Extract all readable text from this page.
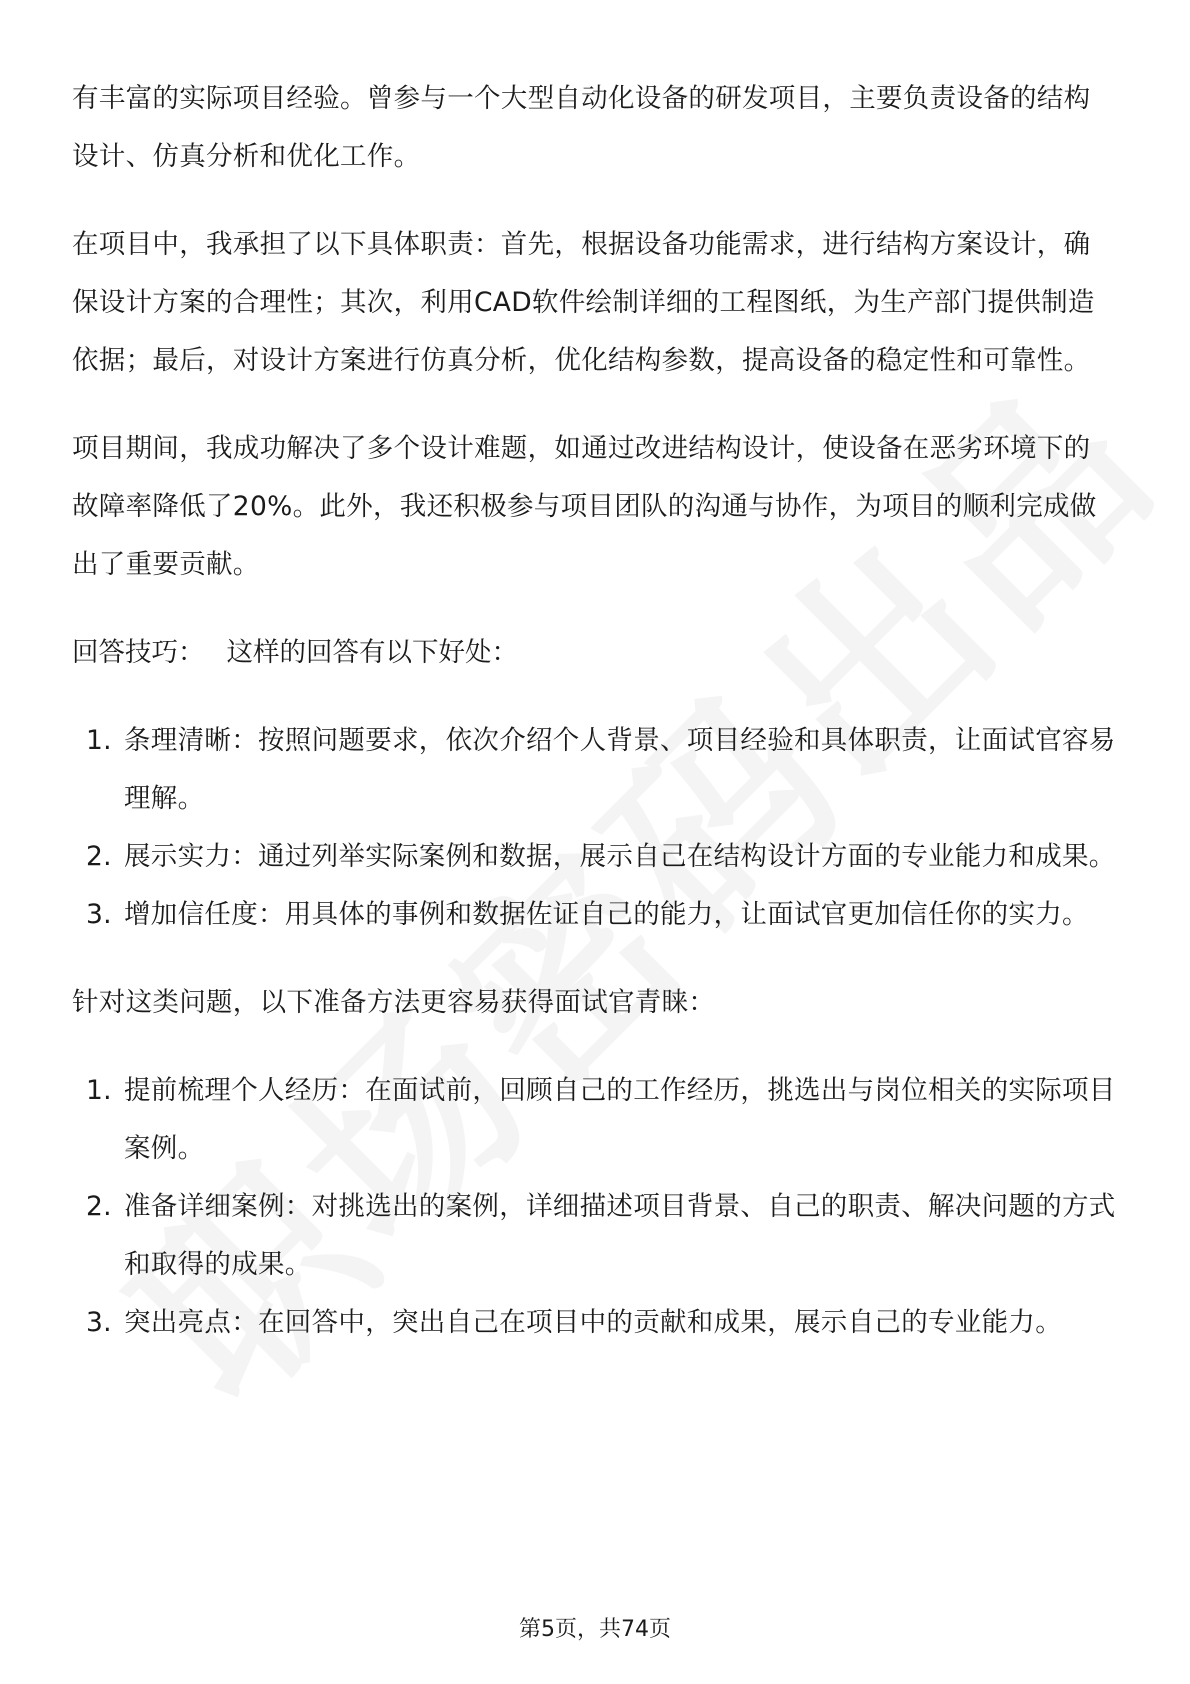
有丰富的实际项目经验。曾参与一个大型自动化设备的研发项目，主要负责设备的结构设计、仿真分析和优化工作。

在项目中，我承担了以下具体职责：首先，根据设备功能需求，进行结构方案设计，确保设计方案的合理性；其次，利用CAD软件绘制详细的工程图纸，为生产部门提供制造依据；最后，对设计方案进行仿真分析，优化结构参数，提高设备的稳定性和可靠性。

项目期间，我成功解决了多个设计难题，如通过改进结构设计，使设备在恶劣环境下的故障率降低了20%。此外，我还积极参与项目团队的沟通与协作，为项目的顺利完成做出了重要贡献。

回答技巧： 这样的回答有以下好处：

1. 条理清晰：按照问题要求，依次介绍个人背景、项目经验和具体职责，让面试官容易理解。
2. 展示实力：通过列举实际案例和数据，展示自己在结构设计方面的专业能力和成果。
3. 增加信任度：用具体的事例和数据佐证自己的能力，让面试官更加信任你的实力。

针对这类问题，以下准备方法更容易获得面试官青睐：

1. 提前梳理个人经历：在面试前，回顾自己的工作经历，挑选出与岗位相关的实际项目案例。
2. 准备详细案例：对挑选出的案例，详细描述项目背景、自己的职责、解决问题的方式和取得的成果。
3. 突出亮点：在回答中，突出自己在项目中的贡献和成果，展示自己的专业能力。
第5页，共74页
